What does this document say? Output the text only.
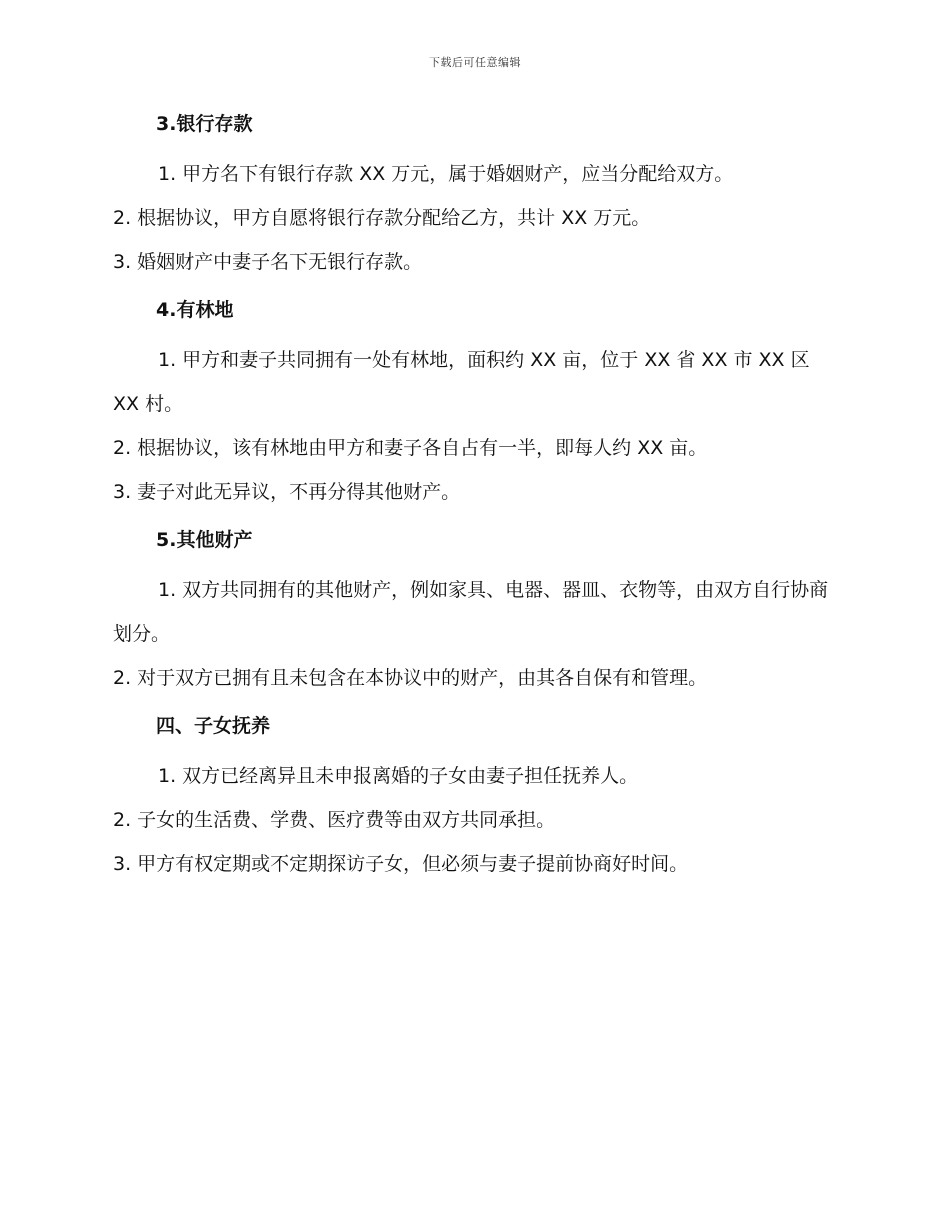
下载后可任意编辑
3.银行存款

1. 甲方名下有银行存款 XX 万元，属于婚姻财产，应当分配给双方。

2. 根据协议，甲方自愿将银行存款分配给乙方，共计 XX 万元。

3. 婚姻财产中妻子名下无银行存款。

4.有林地

1. 甲方和妻子共同拥有一处有林地，面积约 XX 亩，位于 XX 省 XX 市 XX 区 XX 村。

2. 根据协议，该有林地由甲方和妻子各自占有一半，即每人约 XX 亩。

3. 妻子对此无异议，不再分得其他财产。

5.其他财产

1. 双方共同拥有的其他财产，例如家具、电器、器皿、衣物等，由双方自行协商划分。

2. 对于双方已拥有且未包含在本协议中的财产，由其各自保有和管理。

四、子女抚养

1. 双方已经离异且未申报离婚的子女由妻子担任抚养人。

2. 子女的生活费、学费、医疗费等由双方共同承担。

3. 甲方有权定期或不定期探访子女，但必须与妻子提前协商好时间。
